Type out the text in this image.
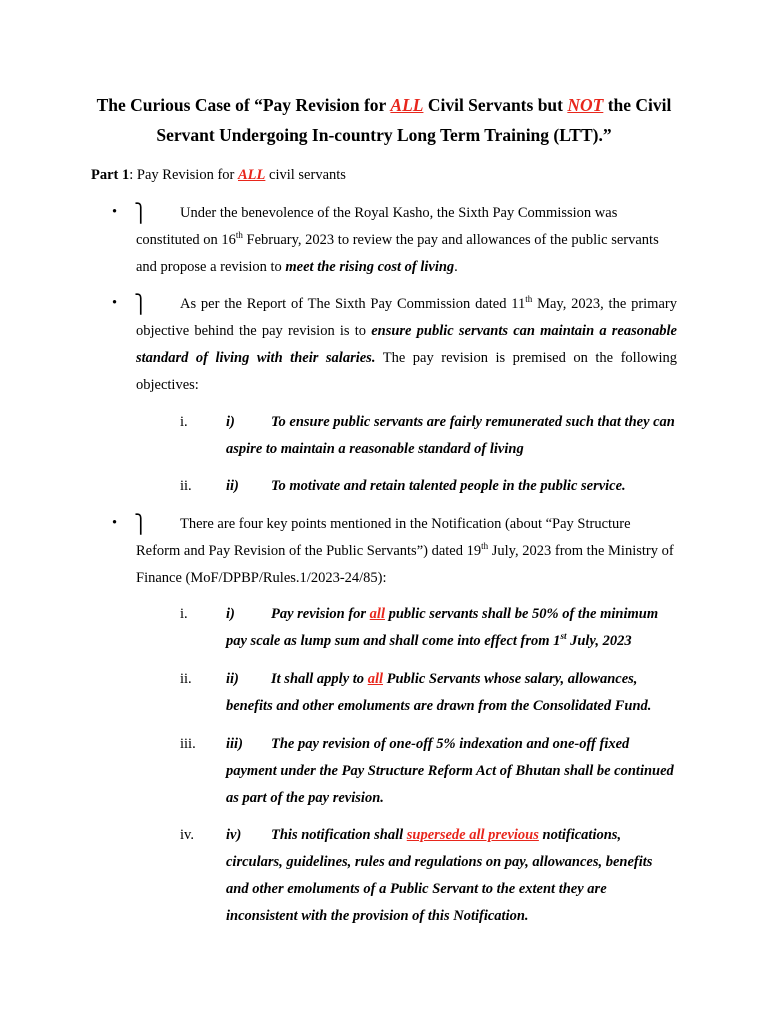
The Curious Case of “Pay Revision for ALL Civil Servants but NOT the Civil Servant Undergoing In-country Long Term Training (LTT).”
Part 1: Pay Revision for ALL civil servants
• ⎫	Under the benevolence of the Royal Kasho, the Sixth Pay Commission was constituted on 16th February, 2023 to review the pay and allowances of the public servants and propose a revision to meet the rising cost of living.
• ⎫	As per the Report of The Sixth Pay Commission dated 11th May, 2023, the primary objective behind the pay revision is to ensure public servants can maintain a reasonable standard of living with their salaries. The pay revision is premised on the following objectives:
i.	i) To ensure public servants are fairly remunerated such that they can aspire to maintain a reasonable standard of living
ii. ii) To motivate and retain talented people in the public service.
• ⎫	There are four key points mentioned in the Notification (about “Pay Structure Reform and Pay Revision of the Public Servants”) dated 19th July, 2023 from the Ministry of Finance (MoF/DPBP/Rules.1/2023-24/85):
i.	i) Pay revision for all public servants shall be 50% of the minimum pay scale as lump sum and shall come into effect from 1st July, 2023
ii. ii) It shall apply to all Public Servants whose salary, allowances, benefits and other emoluments are drawn from the Consolidated Fund.
iii. iii) The pay revision of one-off 5% indexation and one-off fixed payment under the Pay Structure Reform Act of Bhutan shall be continued as part of the pay revision.
iv. iv) This notification shall supersede all previous notifications, circulars, guidelines, rules and regulations on pay, allowances, benefits and other emoluments of a Public Servant to the extent they are inconsistent with the provision of this Notification.
